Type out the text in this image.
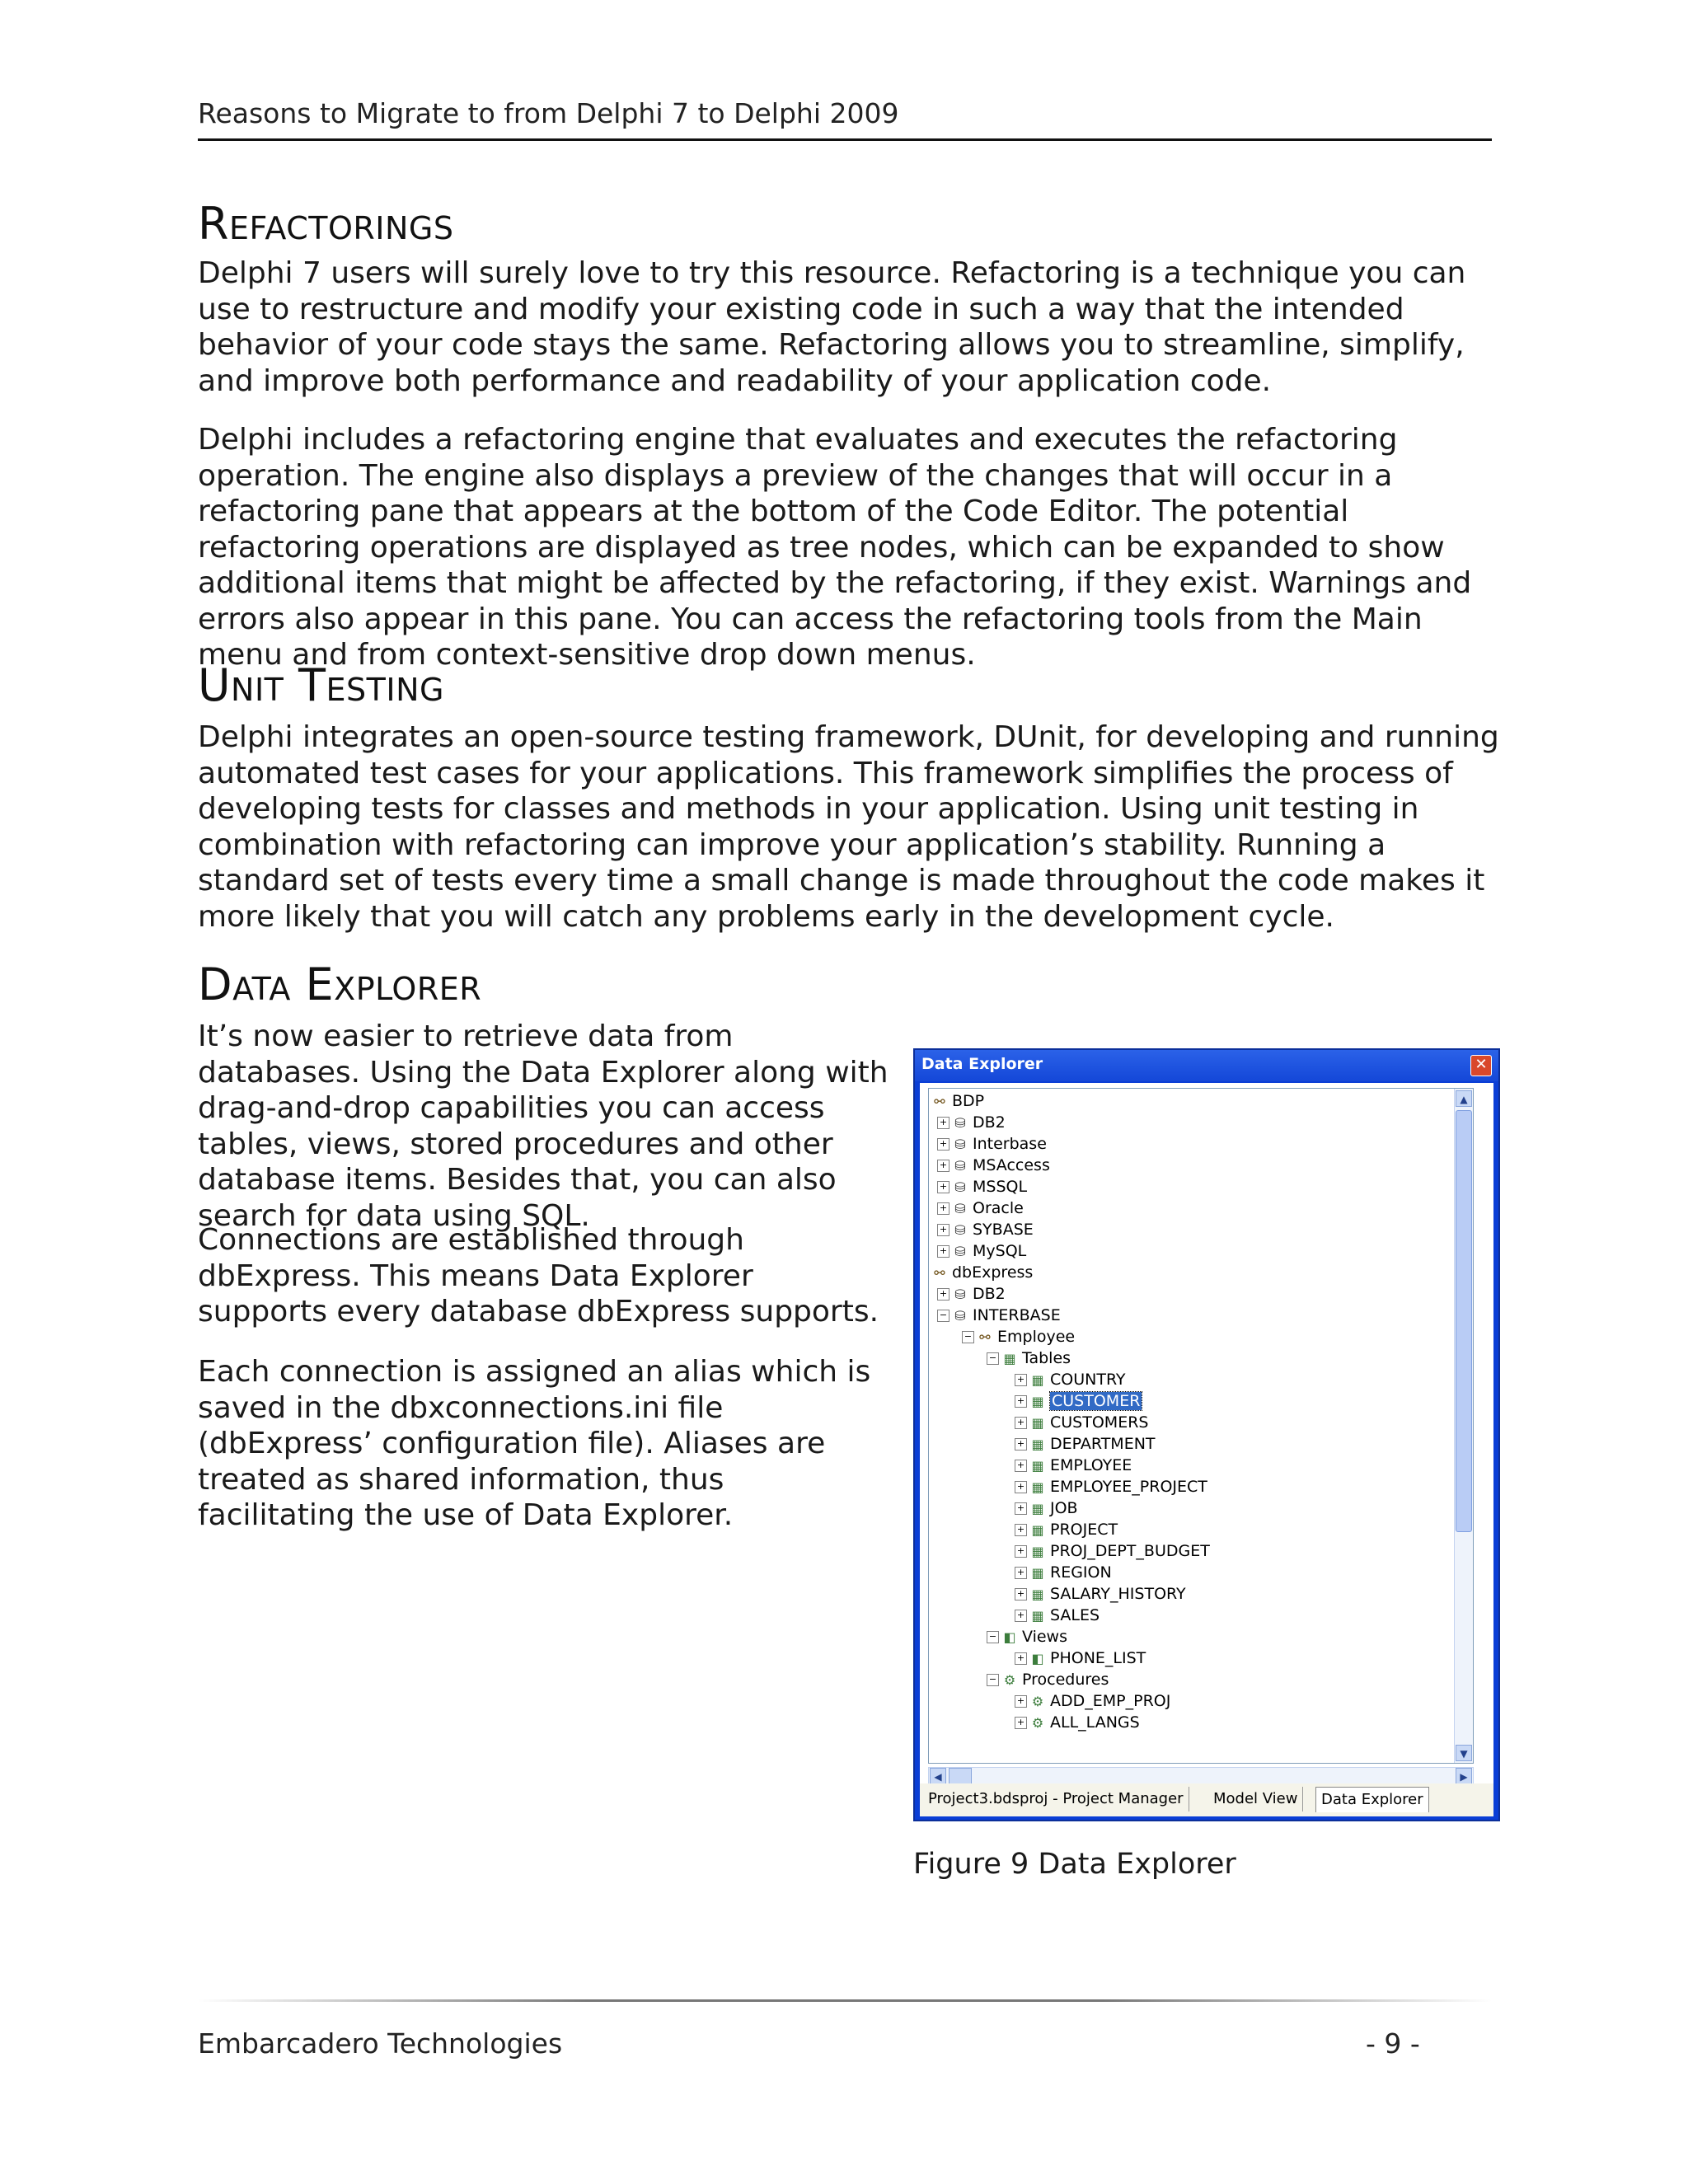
Reasons to Migrate to from Delphi 7 to Delphi 2009
Refactorings
Delphi 7 users will surely love to try this resource. Refactoring is a technique you can use to restructure and modify your existing code in such a way that the intended behavior of your code stays the same. Refactoring allows you to streamline, simplify, and improve both performance and readability of your application code.
Delphi includes a refactoring engine that evaluates and executes the refactoring operation. The engine also displays a preview of the changes that will occur in a refactoring pane that appears at the bottom of the Code Editor. The potential refactoring operations are displayed as tree nodes, which can be expanded to show additional items that might be affected by the refactoring, if they exist. Warnings and errors also appear in this pane. You can access the refactoring tools from the Main menu and from context-sensitive drop down menus.
Unit Testing
Delphi integrates an open-source testing framework, DUnit, for developing and running automated test cases for your applications. This framework simplifies the process of developing tests for classes and methods in your application. Using unit testing in combination with refactoring can improve your application’s stability. Running a standard set of tests every time a small change is made throughout the code makes it more likely that you will catch any problems early in the development cycle.
Data Explorer
It’s now easier to retrieve data from databases. Using the Data Explorer along with drag-and-drop capabilities you can access tables, views, stored procedures and other database items. Besides that, you can also search for data using SQL.
Connections are established through dbExpress. This means Data Explorer supports every database dbExpress supports.
Each connection is assigned an alias which is saved in the dbxconnections.ini file (dbExpress’ configuration file). Aliases are treated as shared information, thus facilitating the use of Data Explorer.
Data Explorer	✕
⚯ BDP
+ ⛁ DB2
+ ⛁ Interbase
+ ⛁ MSAccess
+ ⛁ MSSQL
+ ⛁ Oracle
+ ⛁ SYBASE
+ ⛁ MySQL
⚯ dbExpress
+ ⛁ DB2
− ⛁ INTERBASE
− ⚯ Employee
− ▦ Tables
+ ▦ COUNTRY
+ ▦ CUSTOMER
+ ▦ CUSTOMERS
+ ▦ DEPARTMENT
+ ▦ EMPLOYEE
+ ▦ EMPLOYEE_PROJECT
+ ▦ JOB
+ ▦ PROJECT
+ ▦ PROJ_DEPT_BUDGET
+ ▦ REGION
+ ▦ SALARY_HISTORY
+ ▦ SALES
− ◧ Views
+ ◧ PHONE_LIST
− ⚙ Procedures
+ ⚙ ADD_EMP_PROJ
+ ⚙ ALL_LANGS
▲
▼
◀	▶
Project3.bdsproj - Project Manager	Model View	Data Explorer
Figure 9 Data Explorer
Embarcadero Technologies	- 9 -
